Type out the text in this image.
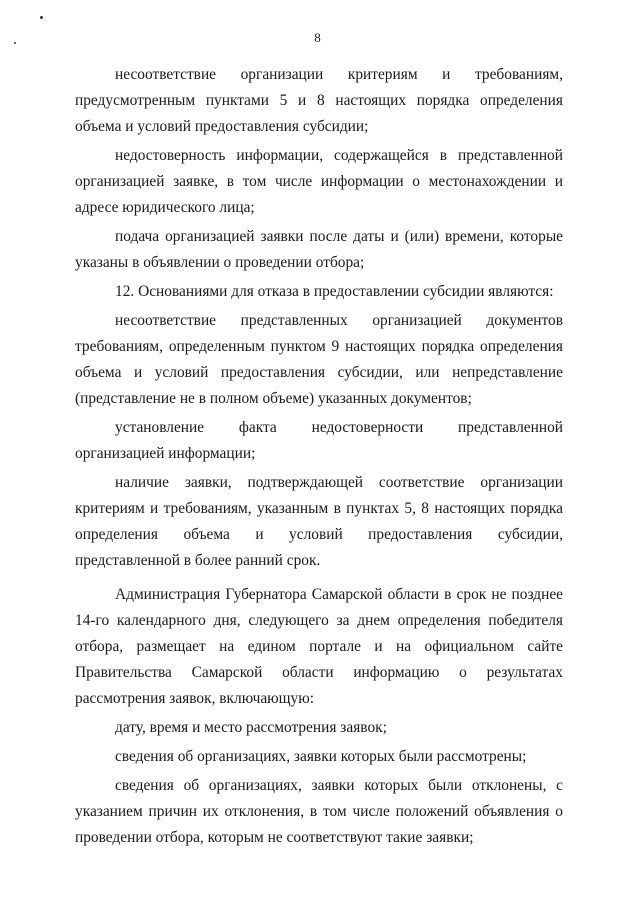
8

несоответствие организации критериям и требованиям, предусмотренным пунктами 5 и 8 настоящих порядка определения объема и условий предоставления субсидии;

недостоверность информации, содержащейся в представленной организацией заявке, в том числе информации о местонахождении и адресе юридического лица;

подача организацией заявки после даты и (или) времени, которые указаны в объявлении о проведении отбора;

12. Основаниями для отказа в предоставлении субсидии являются:

несоответствие представленных организацией документов требованиям, определенным пунктом 9 настоящих порядка определения объема и условий предоставления субсидии, или непредставление (представление не в полном объеме) указанных документов;

установление факта недостоверности представленной организацией информации;

наличие заявки, подтверждающей соответствие организации критериям и требованиям, указанным в пунктах 5, 8 настоящих порядка определения объема и условий предоставления субсидии, представленной в более ранний срок.

Администрация Губернатора Самарской области в срок не позднее 14-го календарного дня, следующего за днем определения победителя отбора, размещает на едином портале и на официальном сайте Правительства Самарской области информацию о результатах рассмотрения заявок, включающую:

дату, время и место рассмотрения заявок;

сведения об организациях, заявки которых были рассмотрены;

сведения об организациях, заявки которых были отклонены, с указанием причин их отклонения, в том числе положений объявления о проведении отбора, которым не соответствуют такие заявки;
